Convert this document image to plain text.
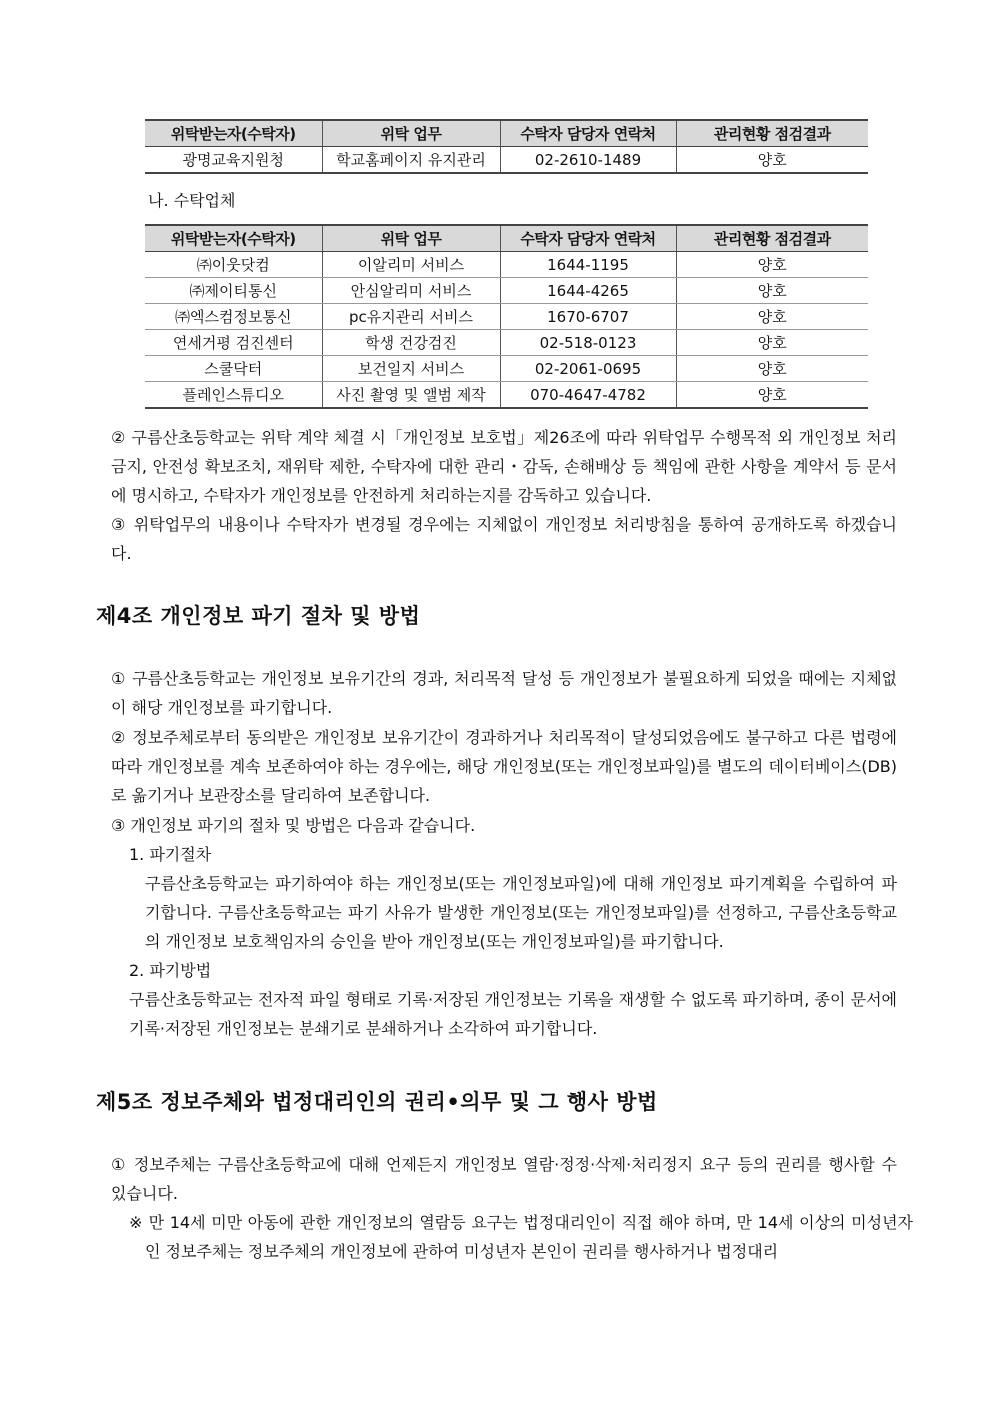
위탁받는자(수탁자)	위탁 업무	수탁자 담당자 연락처	관리현황 점검결과
광명교육지원청	학교홈페이지 유지관리	02-2610-1489	양호
나. 수탁업체
위탁받는자(수탁자)	위탁 업무	수탁자 담당자 연락처	관리현황 점검결과
㈜이웃닷컴	이알리미 서비스	1644-1195	양호
㈜제이티통신	안심알리미 서비스	1644-4265	양호
㈜엑스컴정보통신	pc유지관리 서비스	1670-6707	양호
연세거평 검진센터	학생 건강검진	02-518-0123	양호
스쿨닥터	보건일지 서비스	02-2061-0695	양호
플레인스튜디오	사진 촬영 및 앨범 제작	070-4647-4782	양호
② 구름산초등학교는 위탁 계약 체결 시「개인정보 보호법」제26조에 따라 위탁업무 수행목적 외 개인정보 처리금지, 안전성 확보조치, 재위탁 제한, 수탁자에 대한 관리・감독, 손해배상 등 책임에 관한 사항을 계약서 등 문서에 명시하고, 수탁자가 개인정보를 안전하게 처리하는지를 감독하고 있습니다.
③ 위탁업무의 내용이나 수탁자가 변경될 경우에는 지체없이 개인정보 처리방침을 통하여 공개하도록 하겠습니다.
제4조 개인정보 파기 절차 및 방법
① 구름산초등학교는 개인정보 보유기간의 경과, 처리목적 달성 등 개인정보가 불필요하게 되었을 때에는 지체없이 해당 개인정보를 파기합니다.
② 정보주체로부터 동의받은 개인정보 보유기간이 경과하거나 처리목적이 달성되었음에도 불구하고 다른 법령에 따라 개인정보를 계속 보존하여야 하는 경우에는, 해당 개인정보(또는 개인정보파일)를 별도의 데이터베이스(DB)로 옮기거나 보관장소를 달리하여 보존합니다.
③ 개인정보 파기의 절차 및 방법은 다음과 같습니다.
1. 파기절차
구름산초등학교는 파기하여야 하는 개인정보(또는 개인정보파일)에 대해 개인정보 파기계획을 수립하여 파기합니다. 구름산초등학교는 파기 사유가 발생한 개인정보(또는 개인정보파일)를 선정하고, 구름산초등학교의 개인정보 보호책임자의 승인을 받아 개인정보(또는 개인정보파일)를 파기합니다.
2. 파기방법
구름산초등학교는 전자적 파일 형태로 기록·저장된 개인정보는 기록을 재생할 수 없도록 파기하며, 종이 문서에 기록·저장된 개인정보는 분쇄기로 분쇄하거나 소각하여 파기합니다.
제5조 정보주체와 법정대리인의 권리•의무 및 그 행사 방법
① 정보주체는 구름산초등학교에 대해 언제든지 개인정보 열람·정정·삭제·처리정지 요구 등의 권리를 행사할 수 있습니다.
※ 만 14세 미만 아동에 관한 개인정보의 열람등 요구는 법정대리인이 직접 해야 하며, 만 14세 이상의 미성년자인 정보주체는 정보주체의 개인정보에 관하여 미성년자 본인이 권리를 행사하거나 법정대리
